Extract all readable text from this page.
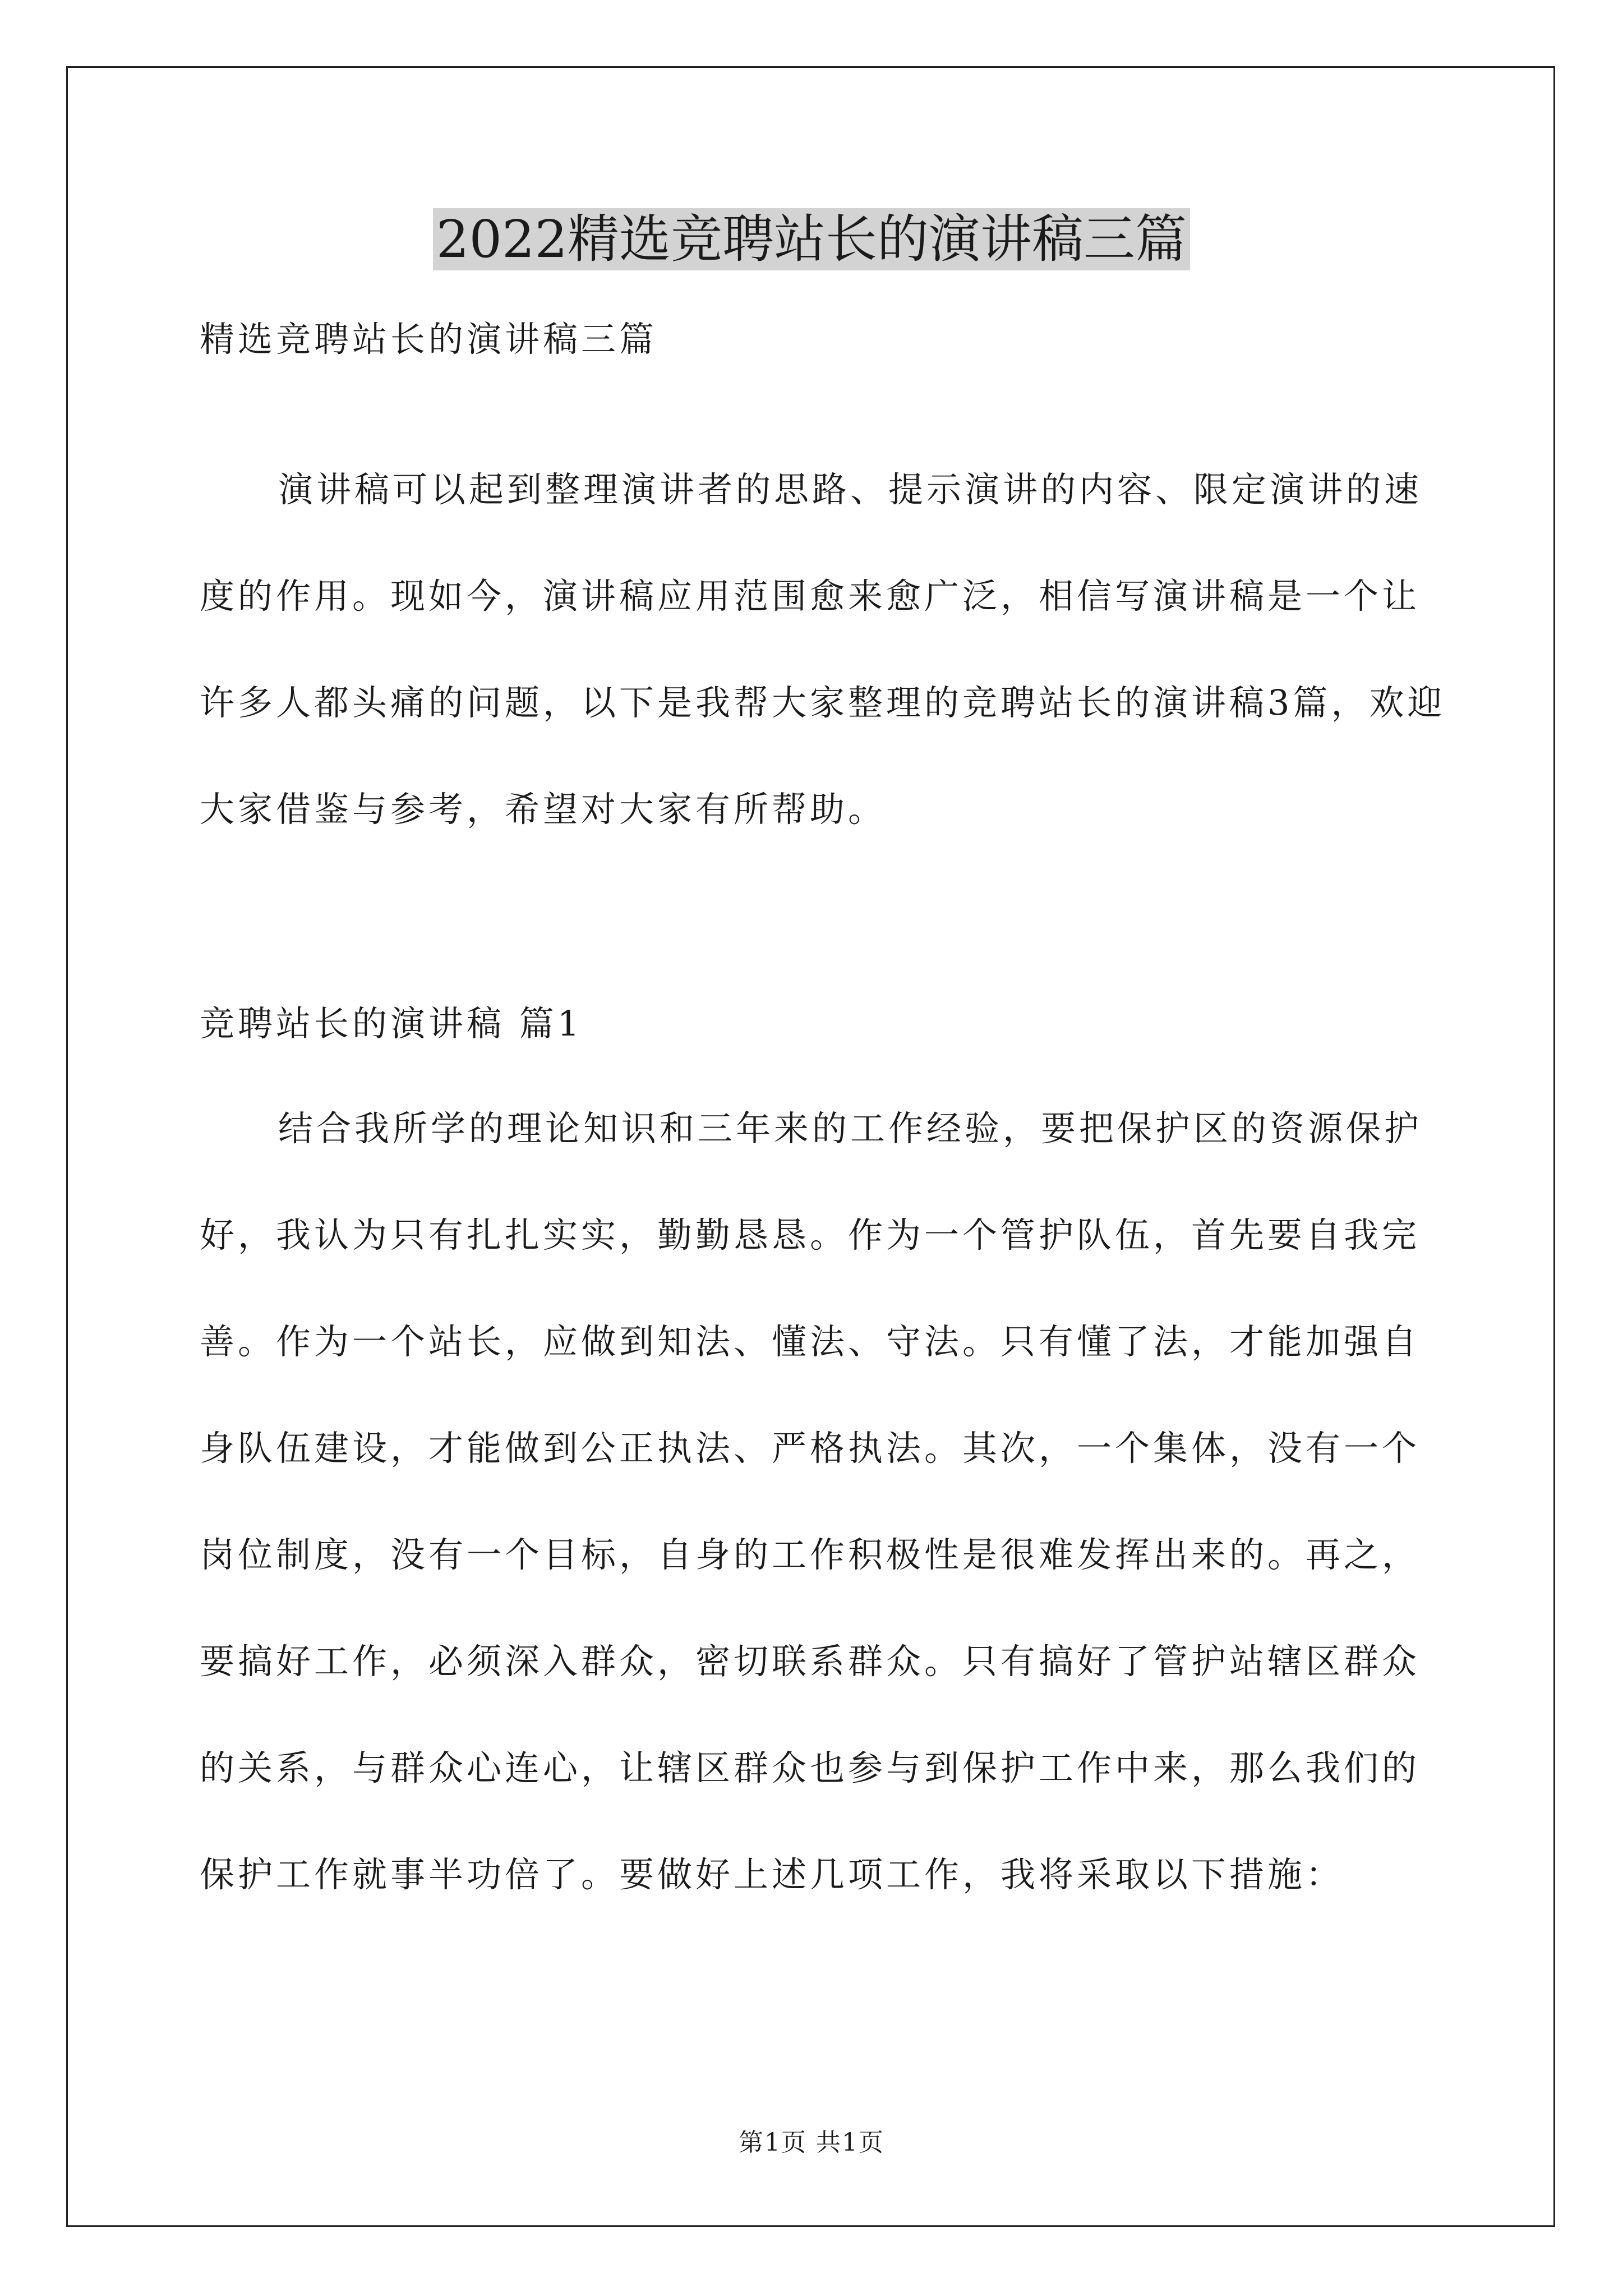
2022精选竞聘站长的演讲稿三篇
精选竞聘站长的演讲稿三篇

演讲稿可以起到整理演讲者的思路、提示演讲的内容、限定演讲的速度的作用。现如今，演讲稿应用范围愈来愈广泛，相信写演讲稿是一个让许多人都头痛的问题，以下是我帮大家整理的竞聘站长的演讲稿3篇，欢迎大家借鉴与参考，希望对大家有所帮助。

竞聘站长的演讲稿 篇1

结合我所学的理论知识和三年来的工作经验，要把保护区的资源保护好，我认为只有扎扎实实，勤勤恳恳。作为一个管护队伍，首先要自我完善。作为一个站长，应做到知法、懂法、守法。只有懂了法，才能加强自身队伍建设，才能做到公正执法、严格执法。其次，一个集体，没有一个岗位制度，没有一个目标，自身的工作积极性是很难发挥出来的。再之，要搞好工作，必须深入群众，密切联系群众。只有搞好了管护站辖区群众的关系，与群众心连心，让辖区群众也参与到保护工作中来，那么我们的保护工作就事半功倍了。要做好上述几项工作，我将采取以下措施：

第1页 共1页
